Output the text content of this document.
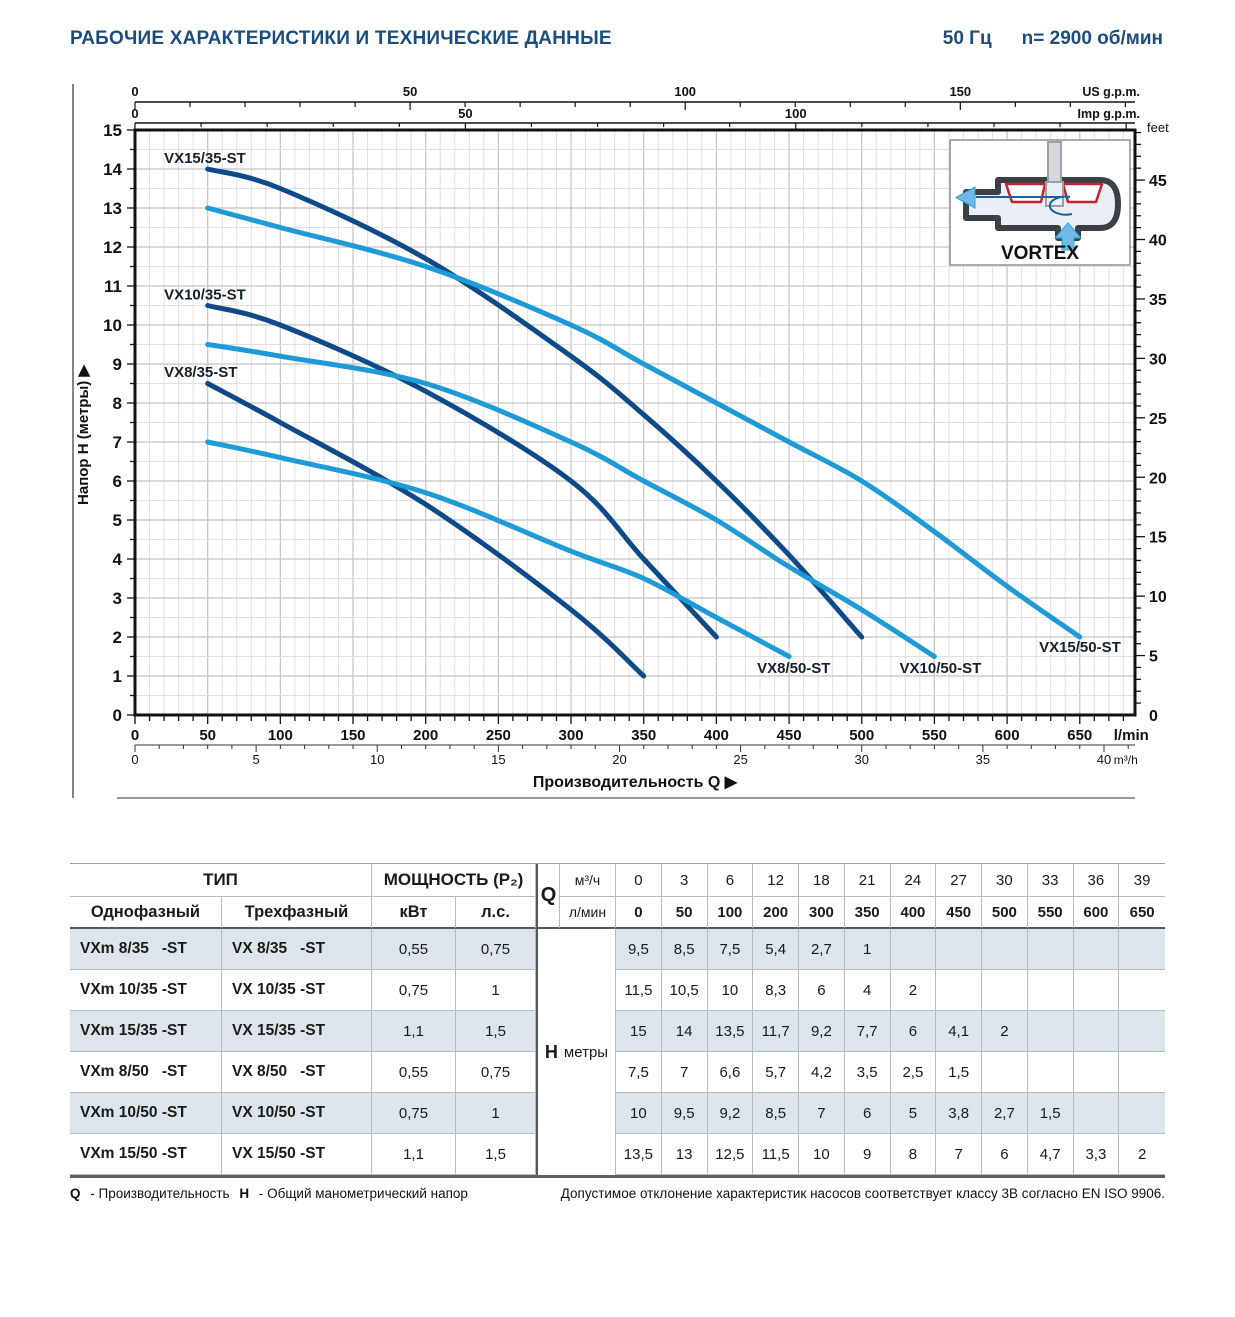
РАБОЧИЕ ХАРАКТЕРИСТИКИ И ТЕХНИЧЕСКИЕ ДАННЫЕ	50 Гц n= 2900 об/мин
VORTEX
0
1
2
3
4
5
6
7
8
9
10
11
12
13
14
15
Напор H (метры) ▶
0	50	100	150	US g.p.m.
0	50	100	Imp g.p.m.
0
5
10
15
20
25
30
35
40
45
feet
0	50	100	150	200	250	300	350	400	450	500	550	600	650 l/min
0	5	10	15	20	25	30	35	40 m³/h
Производительность Q ▶
VX15/35-ST
VX10/35-ST
VX8/35-ST
VX8/50-ST	VX10/50-ST
VX15/50-ST
ТИП	МОЩНОСТЬ (Р₂)
Q
м³/ч
л/мин
Однофазный	Трехфазный	кВт	л.с.
0	3	6	12	18	21	24	27	30	33	36	39
0	50	100	200	300	350	400	450	500	550	600	650
VXm 8/35   -ST	VX 8/35   -ST	0,55	0,75	9,5	8,5	7,5	5,4	2,7	1
VXm 10/35 -ST	VX 10/35 -ST	0,75	1	11,5	10,5	10	8,3	6	4	2
VXm 15/35 -ST	VX 15/35 -ST	1,1	1,5	15	14	13,5	11,7	9,2	7,7	6	4,1	2
VXm 8/50   -ST	VX 8/50   -ST	0,55	0,75	7,5	7	6,6	5,7	4,2	3,5	2,5	1,5
VXm 10/50 -ST	VX 10/50 -ST	0,75	1	10	9,5	9,2	8,5	7	6	5	3,8	2,7	1,5
VXm 15/50 -ST	VX 15/50 -ST	1,1	1,5	13,5	13	12,5	11,5	10	9	8	7	6	4,7	3,3	2
H метры
Q - Производительность H - Общий манометрический напор	Допустимое отклонение характеристик насосов соответствует классу 3В согласно EN ISO 9906.
